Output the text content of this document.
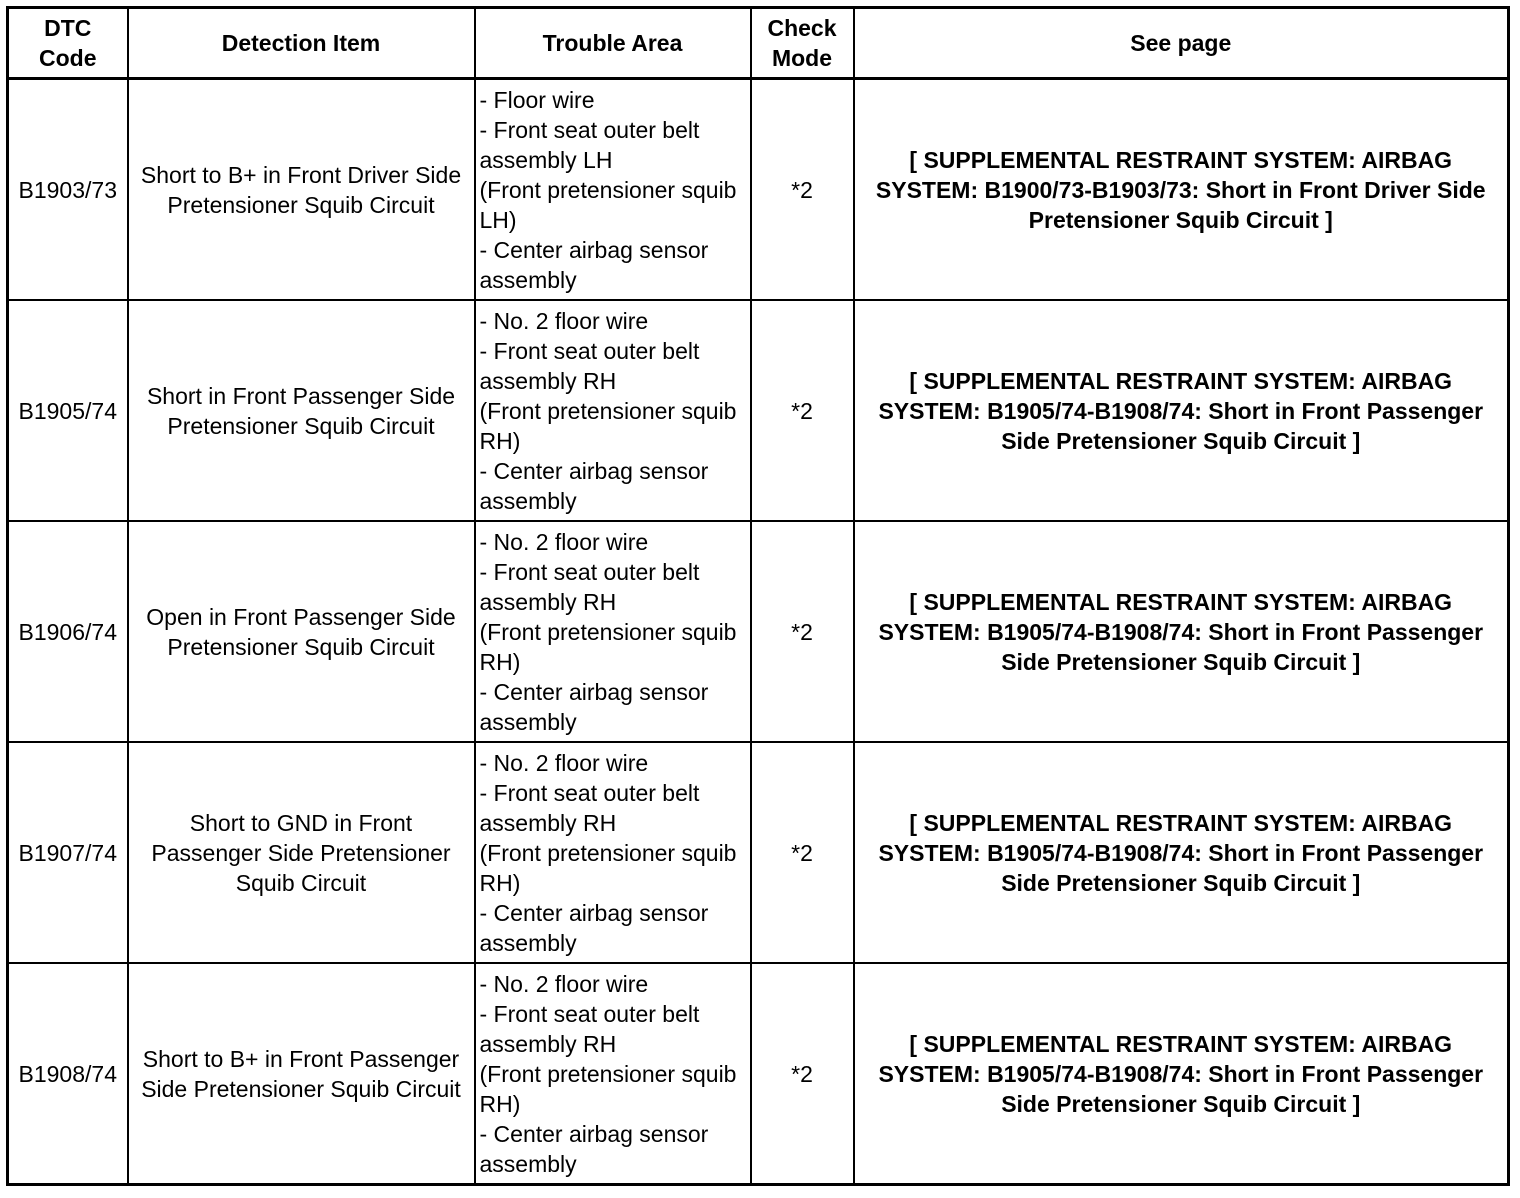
DTC Code	Detection Item	Trouble Area	Check Mode	See page
B1903/73	Short to B+ in Front Driver Side Pretensioner Squib Circuit	- Floor wire
- Front seat outer belt assembly LH
(Front pretensioner squib LH)
- Center airbag sensor assembly	*2	[ SUPPLEMENTAL RESTRAINT SYSTEM: AIRBAG SYSTEM: B1900/73-B1903/73: Short in Front Driver Side Pretensioner Squib Circuit ]
B1905/74	Short in Front Passenger Side Pretensioner Squib Circuit	- No. 2 floor wire
- Front seat outer belt assembly RH
(Front pretensioner squib RH)
- Center airbag sensor assembly	*2	[ SUPPLEMENTAL RESTRAINT SYSTEM: AIRBAG SYSTEM: B1905/74-B1908/74: Short in Front Passenger Side Pretensioner Squib Circuit ]
B1906/74	Open in Front Passenger Side Pretensioner Squib Circuit	- No. 2 floor wire
- Front seat outer belt assembly RH
(Front pretensioner squib RH)
- Center airbag sensor assembly	*2	[ SUPPLEMENTAL RESTRAINT SYSTEM: AIRBAG SYSTEM: B1905/74-B1908/74: Short in Front Passenger Side Pretensioner Squib Circuit ]
B1907/74	Short to GND in Front Passenger Side Pretensioner Squib Circuit	- No. 2 floor wire
- Front seat outer belt assembly RH
(Front pretensioner squib RH)
- Center airbag sensor assembly	*2	[ SUPPLEMENTAL RESTRAINT SYSTEM: AIRBAG SYSTEM: B1905/74-B1908/74: Short in Front Passenger Side Pretensioner Squib Circuit ]
B1908/74	Short to B+ in Front Passenger Side Pretensioner Squib Circuit	- No. 2 floor wire
- Front seat outer belt assembly RH
(Front pretensioner squib RH)
- Center airbag sensor assembly	*2	[ SUPPLEMENTAL RESTRAINT SYSTEM: AIRBAG SYSTEM: B1905/74-B1908/74: Short in Front Passenger Side Pretensioner Squib Circuit ]
